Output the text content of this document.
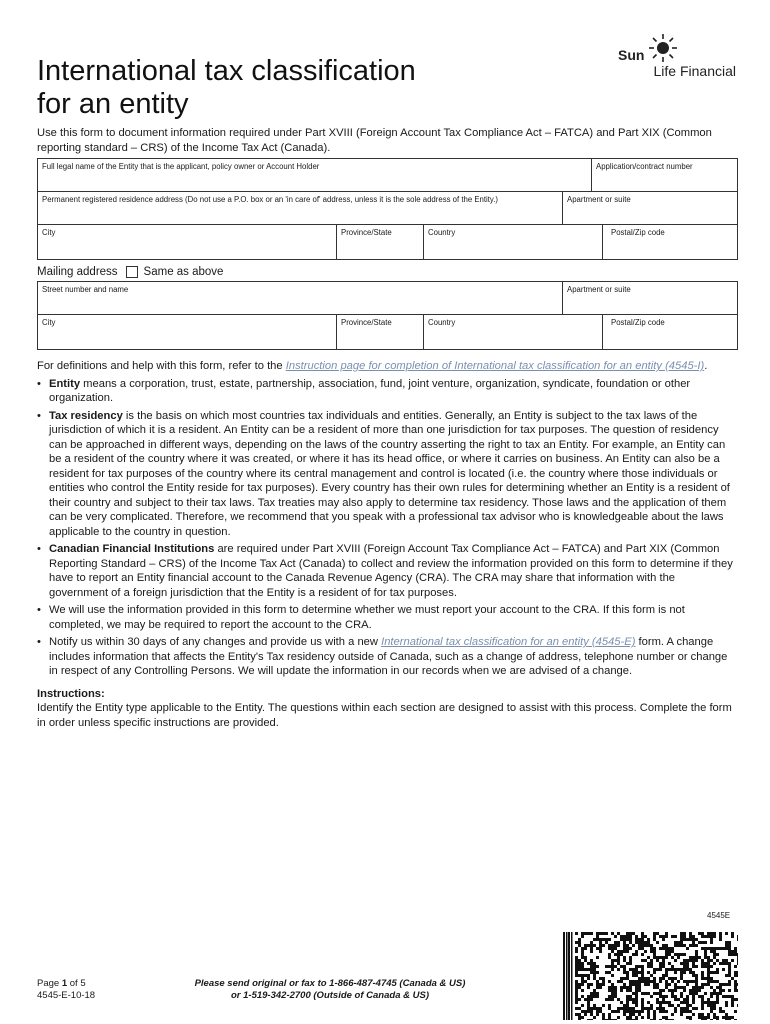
International tax classification
for an entity
Sun
Life Financial
Use this form to document information required under Part XVIII (Foreign Account Tax Compliance Act – FATCA) and Part XIX (Common reporting standard – CRS) of the Income Tax Act (Canada).
Full legal name of the Entity that is the applicant, policy owner or Account Holder	Application/contract number
Permanent registered residence address (Do not use a P.O. box or an 'in care of' address, unless it is the sole address of the Entity.)	Apartment or suite
City	Province/State	Country	Postal/Zip code
Mailing address Same as above
Street number and name	Apartment or suite
City	Province/State	Country	Postal/Zip code
For definitions and help with this form, refer to the Instruction page for completion of International tax classification for an entity (4545-I).
• Entity means a corporation, trust, estate, partnership, association, fund, joint venture, organization, syndicate, foundation or other organization.
• Tax residency is the basis on which most countries tax individuals and entities. Generally, an Entity is subject to the tax laws of the jurisdiction of which it is a resident. An Entity can be a resident of more than one jurisdiction for tax purposes. The question of residency can be approached in different ways, depending on the laws of the country asserting the right to tax an Entity. For example, an Entity can be a resident of the country where it was created, or where it has its head office, or where it carries on business. An Entity can also be a resident for tax purposes of the country where its central management and control is located (i.e. the country where those individuals or entities who control the Entity reside for tax purposes). Every country has their own rules for determining whether an Entity is a resident of their country and subject to their tax laws. Tax treaties may also apply to determine tax residency. Those laws and the application of them can be very complicated. Therefore, we recommend that you speak with a professional tax advisor who is knowledgeable about the laws applicable to the country in question.
• Canadian Financial Institutions are required under Part XVIII (Foreign Account Tax Compliance Act – FATCA) and Part XIX (Common Reporting Standard – CRS) of the Income Tax Act (Canada) to collect and review the information provided on this form to determine if they have to report an Entity financial account to the Canada Revenue Agency (CRA). The CRA may share that information with the government of a foreign jurisdiction that the Entity is a resident of for tax purposes.
• We will use the information provided in this form to determine whether we must report your account to the CRA. If this form is not completed, we may be required to report the account to the CRA.
• Notify us within 30 days of any changes and provide us with a new International tax classification for an entity (4545-E) form. A change includes information that affects the Entity's Tax residency outside of Canada, such as a change of address, telephone number or change in respect of any Controlling Persons. We will update the information in our records when we are advised of a change.
Instructions:
Identify the Entity type applicable to the Entity. The questions within each section are designed to assist with this process. Complete the form in order unless specific instructions are provided.
4545E
Page 1 of 5
4545-E-10-18
Please send original or fax to 1-866-487-4745 (Canada & US)
or 1-519-342-2700 (Outside of Canada & US)
